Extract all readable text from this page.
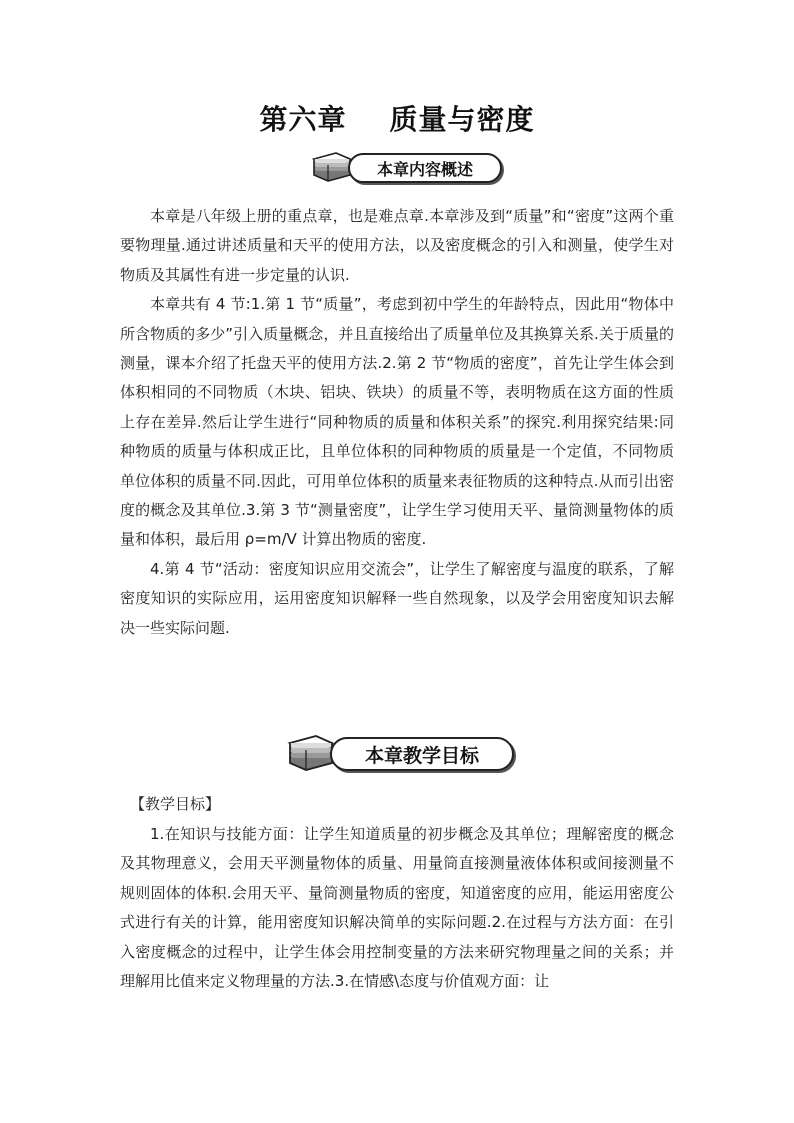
第六章    质量与密度
本章内容概述

本章是八年级上册的重点章，也是难点章.本章涉及到“质量”和“密度”这两个重要物理量.通过讲述质量和天平的使用方法，以及密度概念的引入和测量，使学生对物质及其属性有进一步定量的认识.

本章共有 4 节:1.第 1 节“质量”，考虑到初中学生的年龄特点，因此用“物体中所含物质的多少”引入质量概念，并且直接给出了质量单位及其换算关系.关于质量的测量，课本介绍了托盘天平的使用方法.2.第 2 节“物质的密度”，首先让学生体会到体积相同的不同物质（木块、铝块、铁块）的质量不等，表明物质在这方面的性质上存在差异.然后让学生进行“同种物质的质量和体积关系”的探究.利用探究结果:同种物质的质量与体积成正比，且单位体积的同种物质的质量是一个定值，不同物质单位体积的质量不同.因此，可用单位体积的质量来表征物质的这种特点.从而引出密度的概念及其单位.3.第 3 节“测量密度”，让学生学习使用天平、量筒测量物体的质量和体积，最后用 ρ=m/V 计算出物质的密度.

4.第 4 节“活动：密度知识应用交流会”，让学生了解密度与温度的联系，了解密度知识的实际应用，运用密度知识解释一些自然现象，以及学会用密度知识去解决一些实际问题.

本章教学目标
【教学目标】

1.在知识与技能方面：让学生知道质量的初步概念及其单位；理解密度的概念及其物理意义，会用天平测量物体的质量、用量筒直接测量液体体积或间接测量不规则固体的体积.会用天平、量筒测量物质的密度，知道密度的应用，能运用密度公式进行有关的计算，能用密度知识解决简单的实际问题.2.在过程与方法方面：在引入密度概念的过程中，让学生体会用控制变量的方法来研究物理量之间的关系；并理解用比值来定义物理量的方法.3.在情感\态度与价值观方面：让
